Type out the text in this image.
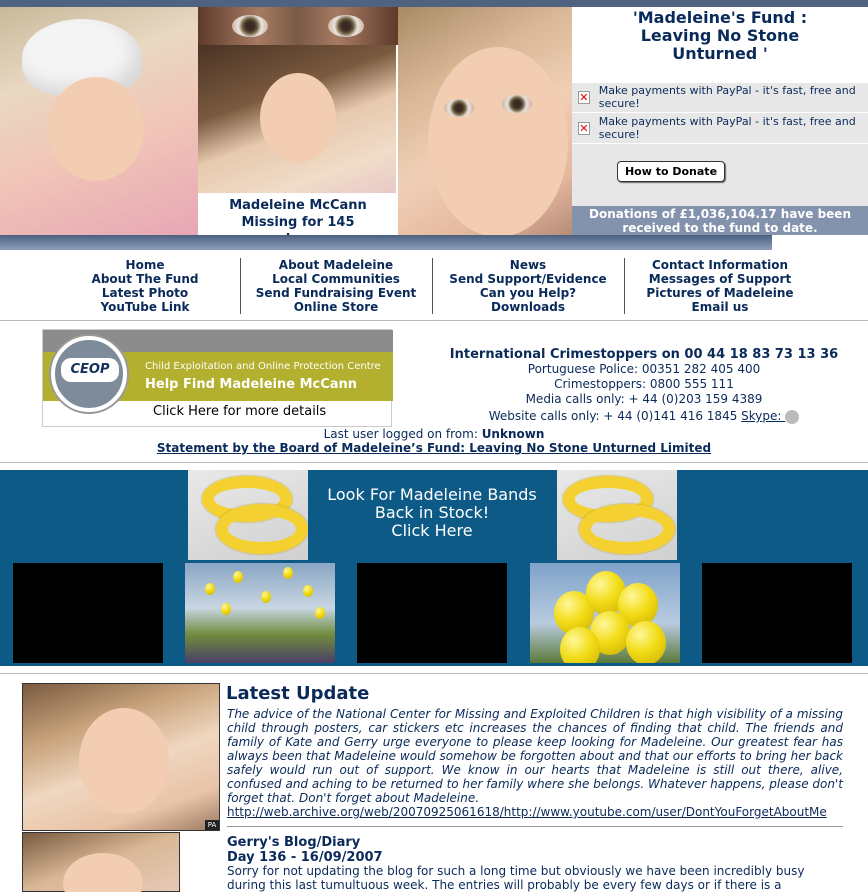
Madeleine McCann
Missing for 145
'Madeleine's Fund :
Leaving No Stone
Unturned '
✕ Make payments with PayPal - it's fast, free and secure!
✕ Make payments with PayPal - it's fast, free and secure!
How to Donate
Donations of £1,036,104.17 have been
received to the fund to date.
Home
About The Fund
Latest Photo
YouTube Link
About Madeleine
Local Communities
Send Fundraising Event
Online Store
News
Send Support/Evidence
Can you Help?
Downloads
Contact Information
Messages of Support
Pictures of Madeleine
Email us
CEOP	Child Exploitation and Online Protection Centre
Help Find Madeleine McCann
Click Here for more details
International Crimestoppers on 00 44 18 83 73 13 36
Portuguese Police: 00351 282 405 400
Crimestoppers: 0800 555 111
Media calls only: + 44 (0)203 159 4389
Website calls only: + 44 (0)141 416 1845 Skype:
Last user logged on from: Unknown
Statement by the Board of Madeleine’s Fund: Leaving No Stone Unturned Limited
Look For Madeleine Bands
Back in Stock!
Click Here
PA
Latest Update
The advice of the National Center for Missing and Exploited Children is that high visibility of a missing child through posters, car stickers etc increases the chances of finding that child. The friends and family of Kate and Gerry urge everyone to please keep looking for Madeleine. Our greatest fear has always been that Madeleine would somehow be forgotten about and that our efforts to bring her back safely would run out of support. We know in our hearts that Madeleine is still out there, alive, confused and aching to be returned to her family where she belongs. Whatever happens, please don't forget that. Don't forget about Madeleine.
http://web.archive.org/web/20070925061618/http://www.youtube.com/user/DontYouForgetAboutMe
Gerry's Blog/Diary
Day 136 - 16/09/2007
Sorry for not updating the blog for such a long time but obviously we have been incredibly busy during this last tumultuous week. The entries will probably be every few days or if there is a
